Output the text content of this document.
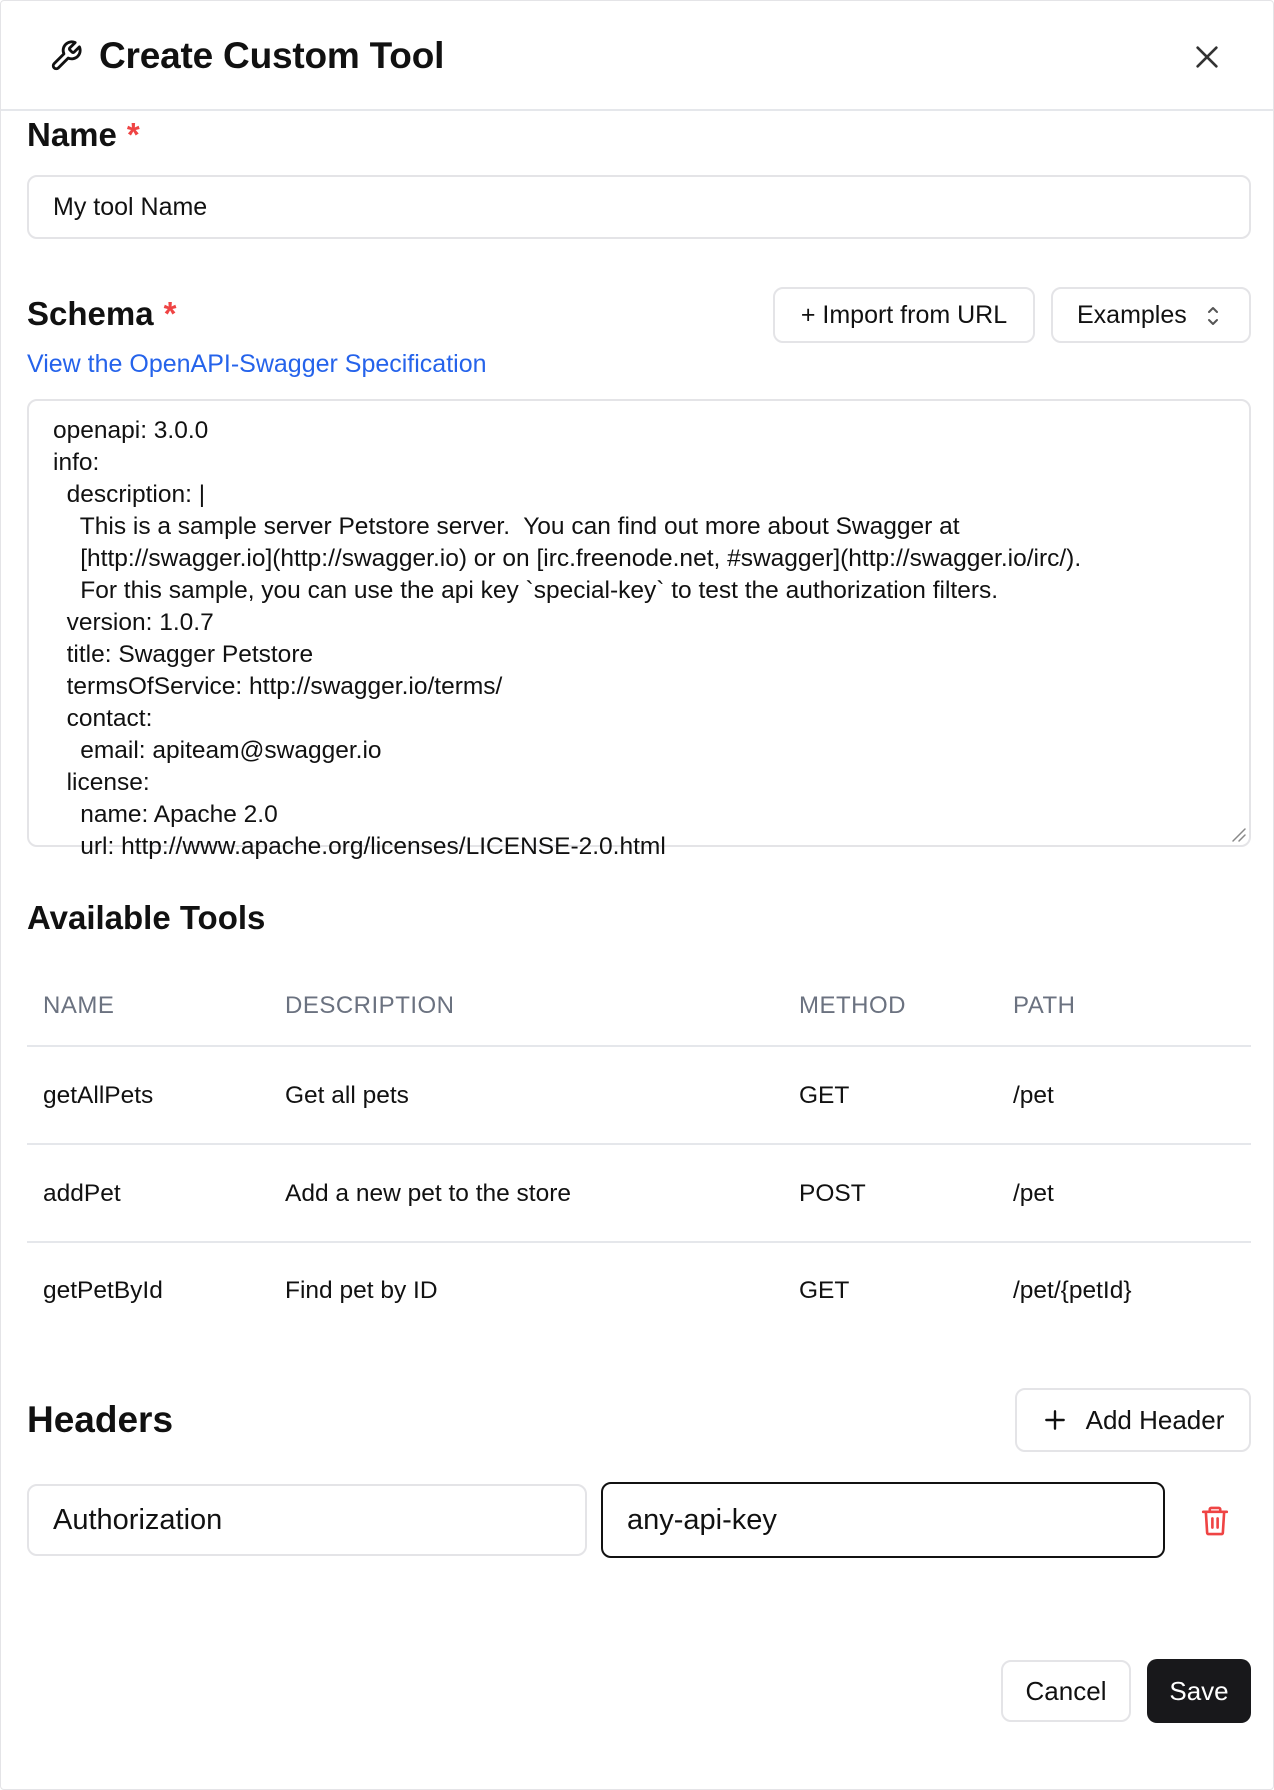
Create Custom Tool
Name *
My tool Name
Schema *	+ Import from URL	Examples
View the OpenAPI-Swagger Specification
openapi: 3.0.0
info:
description: |
This is a sample server Petstore server.  You can find out more about Swagger at
[http://swagger.io](http://swagger.io) or on [irc.freenode.net, #swagger](http://swagger.io/irc/).
For this sample, you can use the api key `special-key` to test the authorization filters.
version: 1.0.7
title: Swagger Petstore
termsOfService: http://swagger.io/terms/
contact:
email: apiteam@swagger.io
license:
name: Apache 2.0
url: http://www.apache.org/licenses/LICENSE-2.0.html
Available Tools
NAME	DESCRIPTION	METHOD	PATH
getAllPets	Get all pets	GET	/pet
addPet	Add a new pet to the store	POST	/pet
getPetById	Find pet by ID	GET	/pet/{petId}
Headers	Add Header
Authorization	any-api-key
Cancel	Save
